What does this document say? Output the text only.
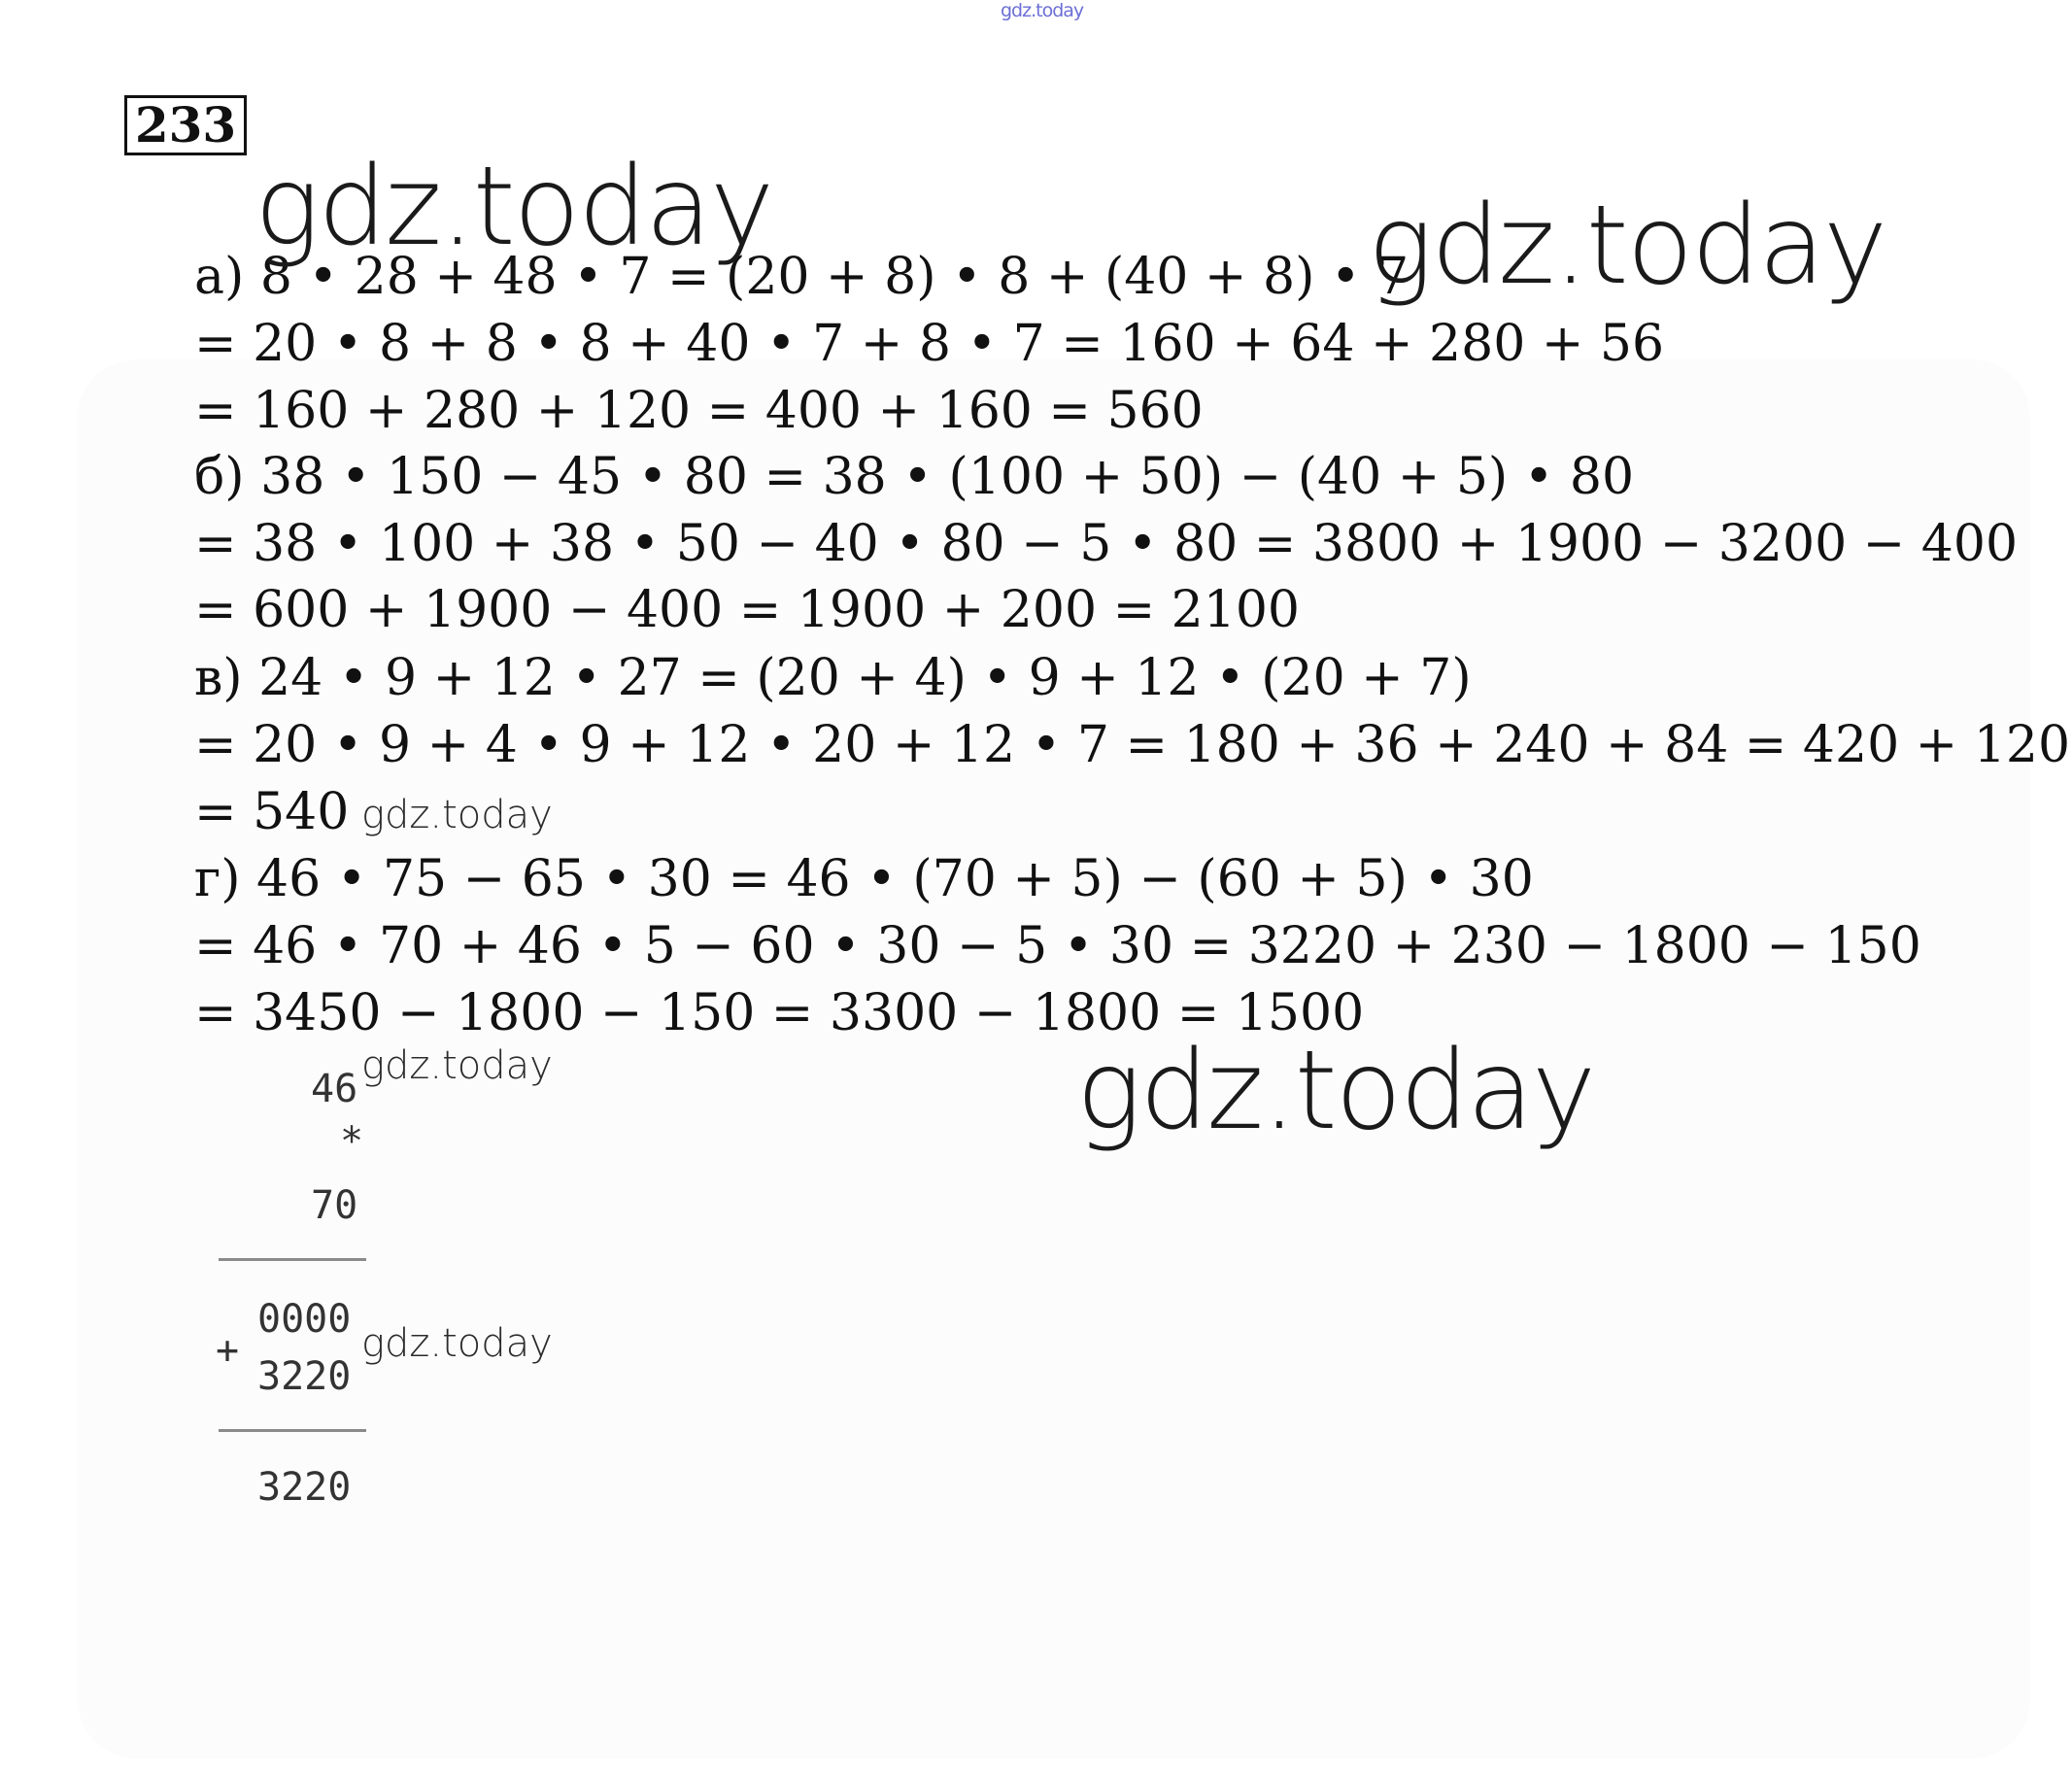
gdz.today
233
а) 8 • 28 + 48 • 7 = (20 + 8) • 8 + (40 + 8) • 7
= 20 • 8 + 8 • 8 + 40 • 7 + 8 • 7 = 160 + 64 + 280 + 56
= 160 + 280 + 120 = 400 + 160 = 560
б) 38 • 150 − 45 • 80 = 38 • (100 + 50) − (40 + 5) • 80
= 38 • 100 + 38 • 50 − 40 • 80 − 5 • 80 = 3800 + 1900 − 3200 − 400
= 600 + 1900 − 400 = 1900 + 200 = 2100
в) 24 • 9 + 12 • 27 = (20 + 4) • 9 + 12 • (20 + 7)
= 20 • 9 + 4 • 9 + 12 • 20 + 12 • 7 = 180 + 36 + 240 + 84 = 420 + 120
= 540
г) 46 • 75 − 65 • 30 = 46 • (70 + 5) − (60 + 5) • 30
= 46 • 70 + 46 • 5 − 60 • 30 − 5 • 30 = 3220 + 230 − 1800 − 150
= 3450 − 1800 − 150 = 3300 − 1800 = 1500
46
*
70
0000
+
3220
3220
gdz.today	gdz.today
gdz.today
gdz.today
gdz.today
gdz.today
